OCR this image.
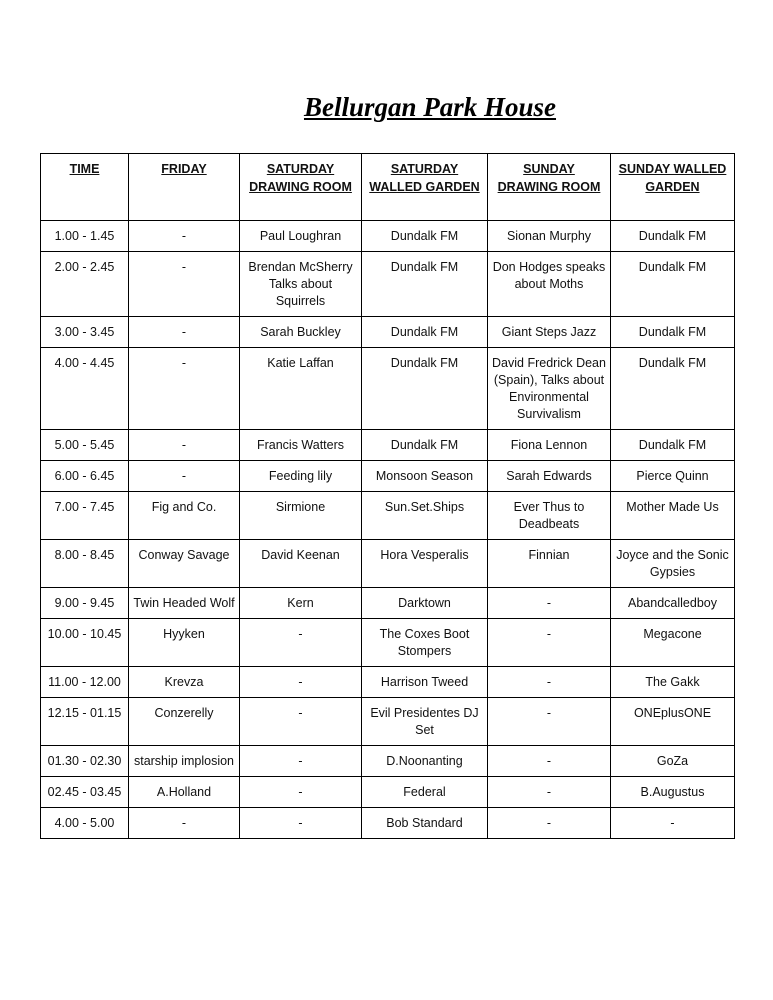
Bellurgan Park House
TIME	FRIDAY	SATURDAY DRAWING ROOM	SATURDAY WALLED GARDEN	SUNDAY DRAWING ROOM	SUNDAY WALLED GARDEN
1.00 - 1.45	-	Paul Loughran	Dundalk FM	Sionan Murphy	Dundalk FM
2.00 - 2.45	-	Brendan McSherry Talks about Squirrels	Dundalk FM	Don Hodges speaks about Moths	Dundalk FM
3.00 - 3.45	-	Sarah Buckley	Dundalk FM	Giant Steps Jazz	Dundalk FM
4.00 - 4.45	-	Katie Laffan	Dundalk FM	David Fredrick Dean (Spain), Talks about Environmental Survivalism	Dundalk FM
5.00 - 5.45	-	Francis Watters	Dundalk FM	Fiona Lennon	Dundalk FM
6.00 - 6.45	-	Feeding lily	Monsoon Season	Sarah Edwards	Pierce Quinn
7.00 - 7.45	Fig and Co.	Sirmione	Sun.Set.Ships	Ever Thus to Deadbeats	Mother Made Us
8.00 - 8.45	Conway Savage	David Keenan	Hora Vesperalis	Finnian	Joyce and the Sonic Gypsies
9.00 - 9.45	Twin Headed Wolf	Kern	Darktown	-	Abandcalledboy
10.00 - 10.45	Hyyken	-	The Coxes Boot Stompers	-	Megacone
11.00 - 12.00	Krevza	-	Harrison Tweed	-	The Gakk
12.15 - 01.15	Conzerelly	-	Evil Presidentes DJ Set	-	ONEplusONE
01.30 - 02.30	starship implosion	-	D.Noonanting	-	GoZa
02.45 - 03.45	A.Holland	-	Federal	-	B.Augustus
4.00 - 5.00	-	-	Bob Standard	-	-
